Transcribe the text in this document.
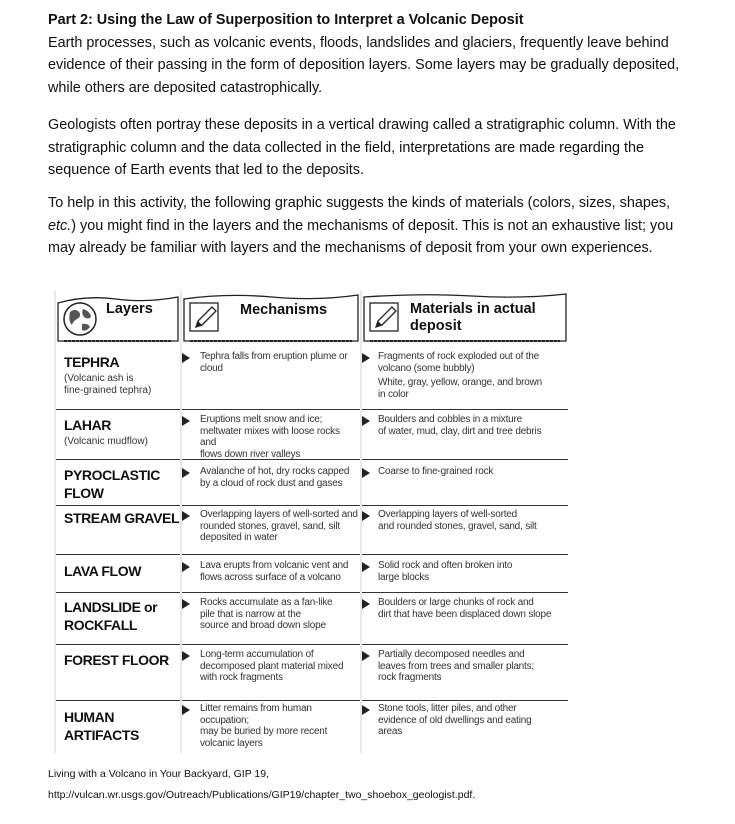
Part 2: Using the Law of Superposition to Interpret a Volcanic Deposit
Earth processes, such as volcanic events, floods, landslides and glaciers, frequently leave behind evidence of their passing in the form of deposition layers. Some layers may be gradually deposited, while others are deposited catastrophically.
Geologists often portray these deposits in a vertical drawing called a stratigraphic column. With the stratigraphic column and the data collected in the field, interpretations are made regarding the sequence of Earth events that led to the deposits.
To help in this activity, the following graphic suggests the kinds of materials (colors, sizes, shapes, etc.) you might find in the layers and the mechanisms of deposit. This is not an exhaustive list; you may already be familiar with layers and the mechanisms of deposit from your own experiences.
Layers
TEPHRA
(Volcanic ash is
fine-grained tephra)
LAHAR
(Volcanic mudflow)
PYROCLASTIC
FLOW
STREAM GRAVEL
LAVA FLOW
LANDSLIDE or
ROCKFALL
FOREST FLOOR
HUMAN
ARTIFACTS
Mechanisms
Tephra falls from eruption plume or
cloud
Eruptions melt snow and ice;
meltwater mixes with loose rocks and
flows down river valleys
Avalanche of hot, dry rocks capped
by a cloud of rock dust and gases
Overlapping layers of well-sorted and
rounded stones, gravel, sand, silt
deposited in water
Lava erupts from volcanic vent and
flows across surface of a volcano
Rocks accumulate as a fan-like
pile that is narrow at the
source and broad down slope
Long-term accumulation of
decomposed plant material mixed
with rock fragments
Litter remains from human occupation;
may be buried by more recent
volcanic layers
Materials in actual
deposit
Fragments of rock exploded out of the
volcano (some bubbly)
White, gray, yellow, orange, and brown
in color
Boulders and cobbles in a mixture
of water, mud, clay, dirt and tree debris
Coarse to fine-grained rock
Overlapping layers of well-sorted
and rounded stones, gravel, sand, silt
Solid rock and often broken into
large blocks
Boulders or large chunks of rock and
dirt that have been displaced down slope
Partially decomposed needles and
leaves from trees and smaller plants;
rock fragments
Stone tools, litter piles, and other
evidence of old dwellings and eating
areas
Living with a Volcano in Your Backyard, GIP 19,
http://vulcan.wr.usgs.gov/Outreach/Publications/GIP19/chapter_two_shoebox_geologist.pdf.
